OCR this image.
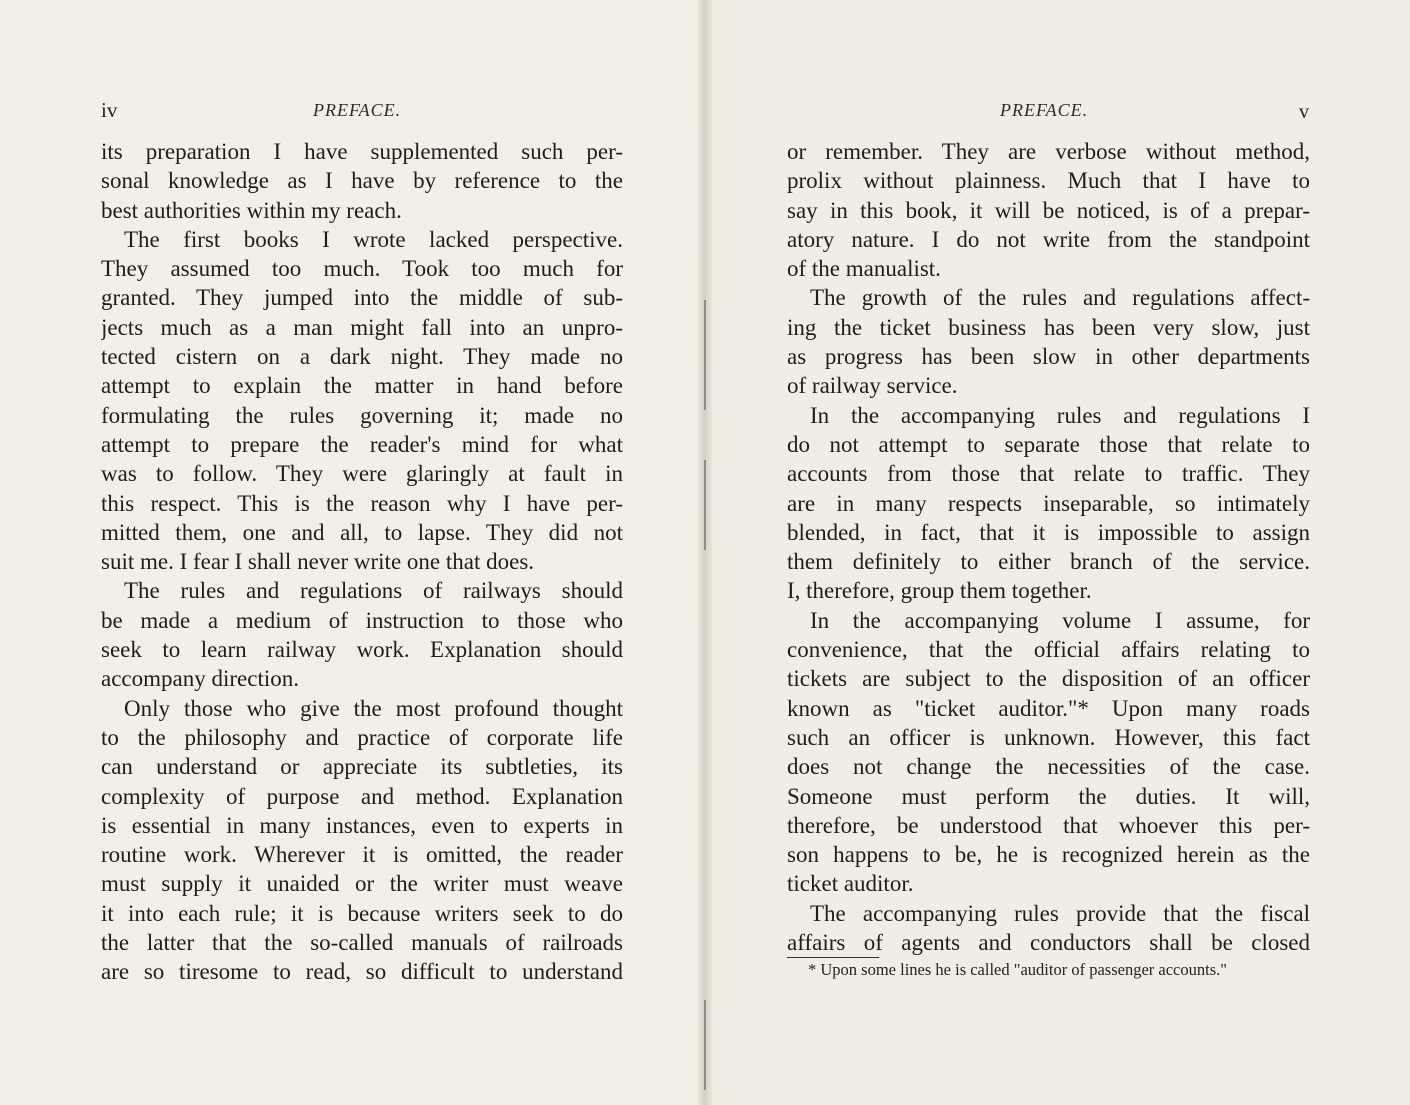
iv	PREFACE.
its preparation I have supplemented such per-
sonal knowledge as I have by reference to the
best authorities within my reach.
The first books I wrote lacked perspective.
They assumed too much. Took too much for
granted. They jumped into the middle of sub-
jects much as a man might fall into an unpro-
tected cistern on a dark night. They made no
attempt to explain the matter in hand before
formulating the rules governing it; made no
attempt to prepare the reader's mind for what
was to follow. They were glaringly at fault in
this respect. This is the reason why I have per-
mitted them, one and all, to lapse. They did not
suit me. I fear I shall never write one that does.
The rules and regulations of railways should
be made a medium of instruction to those who
seek to learn railway work. Explanation should
accompany direction.
Only those who give the most profound thought
to the philosophy and practice of corporate life
can understand or appreciate its subtleties, its
complexity of purpose and method. Explanation
is essential in many instances, even to experts in
routine work. Wherever it is omitted, the reader
must supply it unaided or the writer must weave
it into each rule; it is because writers seek to do
the latter that the so-called manuals of railroads
are so tiresome to read, so difficult to understand
PREFACE.	v
or remember. They are verbose without method,
prolix without plainness. Much that I have to
say in this book, it will be noticed, is of a prepar-
atory nature. I do not write from the standpoint
of the manualist.
The growth of the rules and regulations affect-
ing the ticket business has been very slow, just
as progress has been slow in other departments
of railway service.
In the accompanying rules and regulations I
do not attempt to separate those that relate to
accounts from those that relate to traffic. They
are in many respects inseparable, so intimately
blended, in fact, that it is impossible to assign
them definitely to either branch of the service.
I, therefore, group them together.
In the accompanying volume I assume, for
convenience, that the official affairs relating to
tickets are subject to the disposition of an officer
known as "ticket auditor."* Upon many roads
such an officer is unknown. However, this fact
does not change the necessities of the case.
Someone must perform the duties. It will,
therefore, be understood that whoever this per-
son happens to be, he is recognized herein as the
ticket auditor.
The accompanying rules provide that the fiscal
affairs of agents and conductors shall be closed
* Upon some lines he is called "auditor of passenger accounts."
